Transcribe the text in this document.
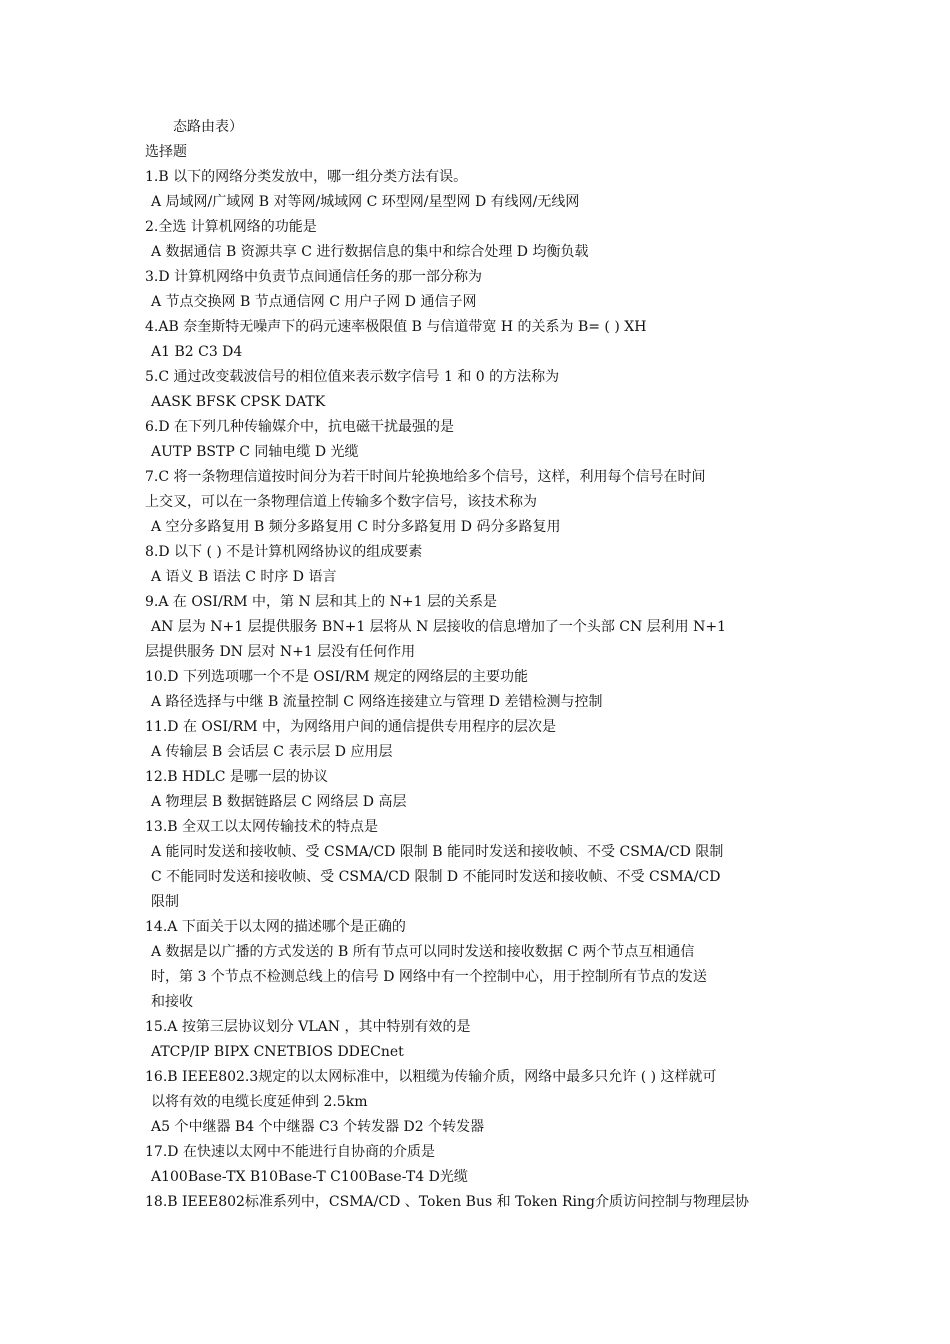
态路由表）
选择题
1.B 以下的网络分类发放中，哪一组分类方法有误。
A 局域网/广域网 B 对等网/城域网 C 环型网/星型网 D 有线网/无线网
2.全选 计算机网络的功能是
A 数据通信 B 资源共享 C 进行数据信息的集中和综合处理 D 均衡负载
3.D 计算机网络中负责节点间通信任务的那一部分称为
A 节点交换网 B 节点通信网 C 用户子网 D 通信子网
4.AB 奈奎斯特无噪声下的码元速率极限值 B 与信道带宽 H 的关系为 B= ( ) XH
A1 B2 C3 D4
5.C 通过改变载波信号的相位值来表示数字信号 1 和 0 的方法称为
AASK BFSK CPSK DATK
6.D 在下列几种传输媒介中，抗电磁干扰最强的是
AUTP BSTP C 同轴电缆 D 光缆
7.C 将一条物理信道按时间分为若干时间片轮换地给多个信号，这样，利用每个信号在时间
上交叉，可以在一条物理信道上传输多个数字信号，该技术称为
A 空分多路复用 B 频分多路复用 C 时分多路复用 D 码分多路复用
8.D 以下 ( ) 不是计算机网络协议的组成要素
A 语义 B 语法 C 时序 D 语言
9.A 在 OSI/RM 中，第 N 层和其上的 N+1 层的关系是
AN 层为 N+1 层提供服务 BN+1 层将从 N 层接收的信息增加了一个头部 CN 层利用 N+1
层提供服务 DN 层对 N+1 层没有任何作用
10.D 下列选项哪一个不是 OSI/RM 规定的网络层的主要功能
A 路径选择与中继 B 流量控制 C 网络连接建立与管理 D 差错检测与控制
11.D 在 OSI/RM 中，为网络用户间的通信提供专用程序的层次是
A 传输层 B 会话层 C 表示层 D 应用层
12.B HDLC 是哪一层的协议
A 物理层 B 数据链路层 C 网络层 D 高层
13.B 全双工以太网传输技术的特点是
A 能同时发送和接收帧、受 CSMA/CD 限制 B 能同时发送和接收帧、不受 CSMA/CD 限制
C 不能同时发送和接收帧、受 CSMA/CD 限制 D 不能同时发送和接收帧、不受 CSMA/CD
限制
14.A 下面关于以太网的描述哪个是正确的
A 数据是以广播的方式发送的 B 所有节点可以同时发送和接收数据 C 两个节点互相通信
时，第 3 个节点不检测总线上的信号 D 网络中有一个控制中心，用于控制所有节点的发送
和接收
15.A 按第三层协议划分 VLAN ，其中特别有效的是
ATCP/IP BIPX CNETBIOS DDECnet
16.B IEEE802.3规定的以太网标准中，以粗缆为传输介质，网络中最多只允许 ( ) 这样就可
以将有效的电缆长度延伸到 2.5km
A5 个中继器 B4 个中继器 C3 个转发器 D2 个转发器
17.D 在快速以太网中不能进行自协商的介质是
A100Base-TX B10Base-T C100Base-T4 D光缆
18.B IEEE802标准系列中，CSMA/CD 、Token Bus 和 Token Ring介质访问控制与物理层协
